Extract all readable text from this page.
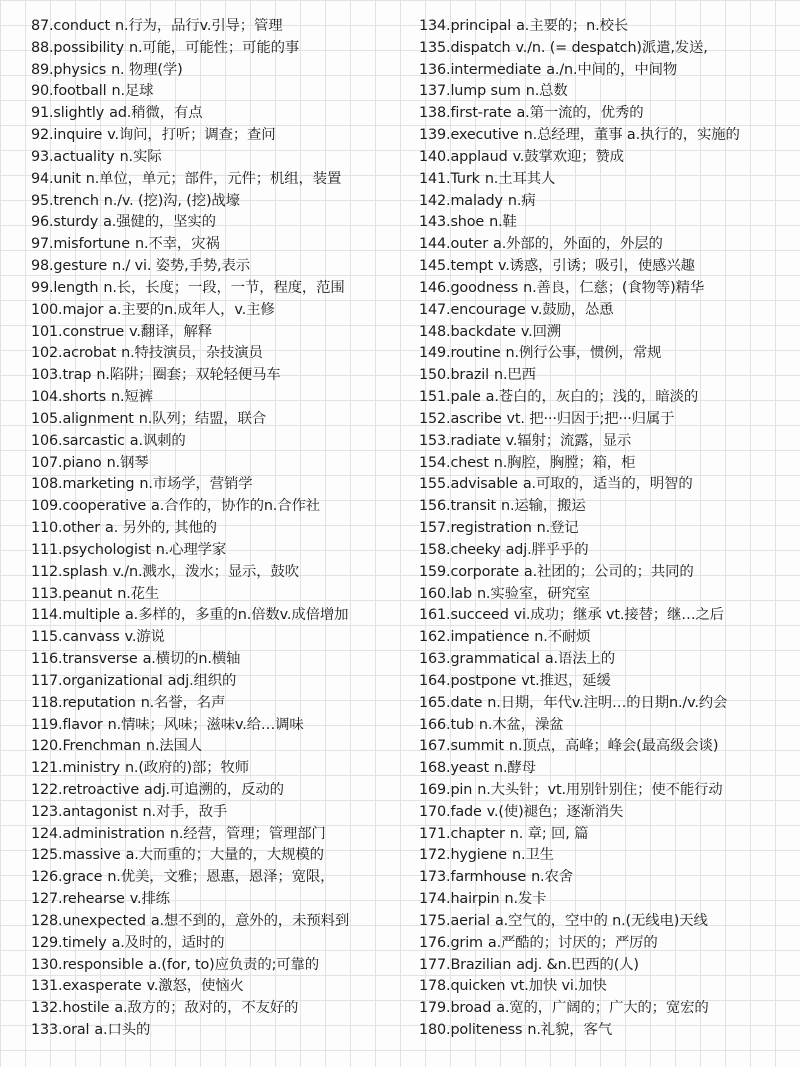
87.conduct n.行为，品行v.引导；管理
88.possibility n.可能，可能性；可能的事
89.physics n. 物理(学)
90.football n.足球
91.slightly ad.稍微，有点
92.inquire v.询问，打听；调查；查问
93.actuality n.实际
94.unit n.单位，单元；部件，元件；机组，装置
95.trench n./v. (挖)沟, (挖)战壕
96.sturdy a.强健的，坚实的
97.misfortune n.不幸，灾祸
98.gesture n./ vi. 姿势,手势,表示
99.length n.长，长度；一段，一节，程度，范围
100.major a.主要的n.成年人，v.主修
101.construe v.翻译，解释
102.acrobat n.特技演员，杂技演员
103.trap n.陷阱；圈套；双轮轻便马车
104.shorts n.短裤
105.alignment n.队列；结盟，联合
106.sarcastic a.讽刺的
107.piano n.钢琴
108.marketing n.市场学，营销学
109.cooperative a.合作的，协作的n.合作社
110.other a. 另外的, 其他的
111.psychologist n.心理学家
112.splash v./n.溅水，泼水；显示，鼓吹
113.peanut n.花生
114.multiple a.多样的，多重的n.倍数v.成倍增加
115.canvass v.游说
116.transverse a.横切的n.横轴
117.organizational adj.组织的
118.reputation n.名誉，名声
119.flavor n.情味；风味；滋味v.给…调味
120.Frenchman n.法国人
121.ministry n.(政府的)部；牧师
122.retroactive adj.可追溯的，反动的
123.antagonist n.对手，敌手
124.administration n.经营，管理；管理部门
125.massive a.大而重的；大量的，大规模的
126.grace n.优美，文雅；恩惠，恩泽；宽限，
127.rehearse v.排练
128.unexpected a.想不到的，意外的，未预料到
129.timely a.及时的，适时的
130.responsible a.(for, to)应负责的;可靠的
131.exasperate v.激怒，使恼火
132.hostile a.敌方的；敌对的，不友好的
133.oral a.口头的
134.principal a.主要的；n.校长
135.dispatch v./n. (= despatch)派遣,发送,
136.intermediate a./n.中间的，中间物
137.lump sum n.总数
138.first-rate a.第一流的，优秀的
139.executive n.总经理，董事 a.执行的，实施的
140.applaud v.鼓掌欢迎；赞成
141.Turk n.土耳其人
142.malady n.病
143.shoe n.鞋
144.outer a.外部的，外面的，外层的
145.tempt v.诱惑，引诱；吸引，使感兴趣
146.goodness n.善良，仁慈；(食物等)精华
147.encourage v.鼓励，怂恿
148.backdate v.回溯
149.routine n.例行公事，惯例，常规
150.brazil n.巴西
151.pale a.苍白的，灰白的；浅的，暗淡的
152.ascribe vt. 把···归因于;把···归属于
153.radiate v.辐射；流露，显示
154.chest n.胸腔，胸膛；箱，柜
155.advisable a.可取的，适当的，明智的
156.transit n.运输，搬运
157.registration n.登记
158.cheeky adj.胖乎乎的
159.corporate a.社团的；公司的；共同的
160.lab n.实验室，研究室
161.succeed vi.成功；继承 vt.接替；继…之后
162.impatience n.不耐烦
163.grammatical a.语法上的
164.postpone vt.推迟，延缓
165.date n.日期，年代v.注明…的日期n./v.约会
166.tub n.木盆，澡盆
167.summit n.顶点，高峰；峰会(最高级会谈)
168.yeast n.酵母
169.pin n.大头针；vt.用别针别住；使不能行动
170.fade v.(使)褪色；逐渐消失
171.chapter n. 章; 回, 篇
172.hygiene n.卫生
173.farmhouse n.农舍
174.hairpin n.发卡
175.aerial a.空气的，空中的 n.(无线电)天线
176.grim a.严酷的；讨厌的；严厉的
177.Brazilian adj. &n.巴西的(人)
178.quicken vt.加快 vi.加快
179.broad a.宽的，广阔的；广大的；宽宏的
180.politeness n.礼貌，客气
